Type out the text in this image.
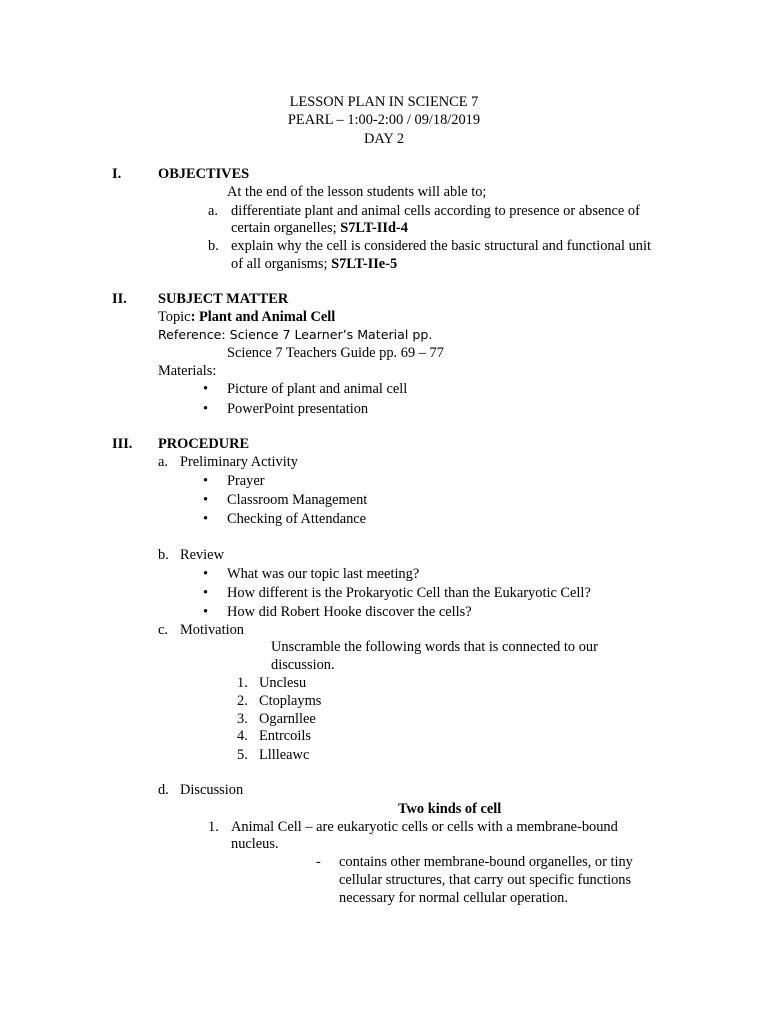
LESSON PLAN IN SCIENCE 7
PEARL – 1:00-2:00 / 09/18/2019
DAY 2
I.	OBJECTIVES
At the end of the lesson students will able to;
a. differentiate plant and animal cells according to presence or absence of
certain organelles; S7LT-IId-4
b. explain why the cell is considered the basic structural and functional unit
of all organisms; S7LT-IIe-5
II. SUBJECT MATTER
Topic: Plant and Animal Cell
Reference: Science 7 Learner’s Material pp.
Science 7 Teachers Guide pp. 69 – 77
Materials:
• Picture of plant and animal cell
• PowerPoint presentation
III. PROCEDURE
a. Preliminary Activity
• Prayer
• Classroom Management
• Checking of Attendance
b. Review
• What was our topic last meeting?
• How different is the Prokaryotic Cell than the Eukaryotic Cell?
• How did Robert Hooke discover the cells?
c. Motivation
Unscramble the following words that is connected to our
discussion.
1. Unclesu
2. Ctoplayms
3. Ogarnllee
4. Entrcoils
5. Lllleawc
d. Discussion
Two kinds of cell
1. Animal Cell – are eukaryotic cells or cells with a membrane-bound
nucleus.
- contains other membrane-bound organelles, or tiny
cellular structures, that carry out specific functions
necessary for normal cellular operation.
